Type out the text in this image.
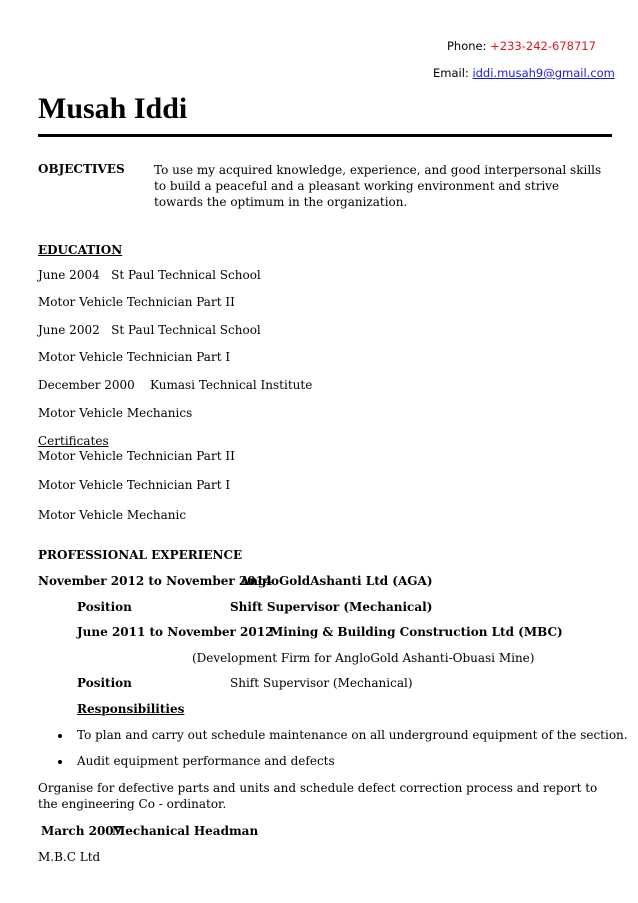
Phone: +233-242-678717
Email: iddi.musah9@gmail.com
Musah Iddi
OBJECTIVES To use my acquired knowledge, experience, and good interpersonal skills to build a peaceful and a pleasant working environment and strive towards the optimum in the organization.
EDUCATION
June 2004   St Paul Technical School
Motor Vehicle Technician Part II
June 2002   St Paul Technical School
Motor Vehicle Technician Part I
December 2000    Kumasi Technical Institute
Motor Vehicle Mechanics
Certificates
Motor Vehicle Technician Part II
Motor Vehicle Technician Part I
Motor Vehicle Mechanic
PROFESSIONAL EXPERIENCE
November 2012 to November 2014
AngloGoldAshanti Ltd (AGA)
Position	Shift Supervisor (Mechanical)
June 2011 to November 2012
Mining & Building Construction Ltd (MBC)
(Development Firm for AngloGold Ashanti-Obuasi Mine)
Position	Shift Supervisor (Mechanical)
Responsibilities
To plan and carry out schedule maintenance on all underground equipment of the section.
Audit equipment performance and defects
Organise for defective parts and units and schedule defect correction process and report to the engineering Co - ordinator.
March 2007
Mechanical Headman
M.B.C Ltd
